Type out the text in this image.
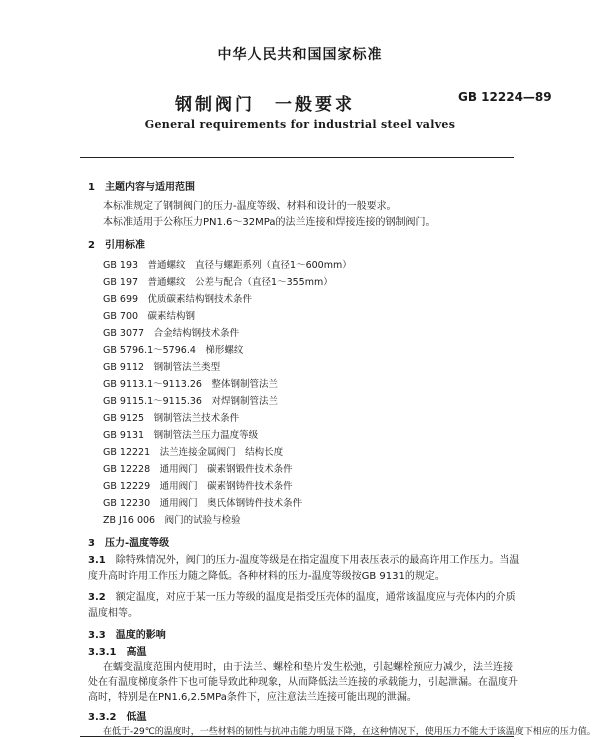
中华人民共和国国家标准
钢制阀门　一般要求	GB 12224—89
General requirements for industrial steel valves
1　主题内容与适用范围
本标准规定了钢制阀门的压力-温度等级、材料和设计的一般要求。
本标准适用于公称压力PN1.6～32MPa的法兰连接和焊接连接的钢制阀门。
2　引用标准
GB 193　 普通螺纹　直径与螺距系列（直径1～600mm）
GB 197　 普通螺纹　公差与配合（直径1～355mm）
GB 699　 优质碳素结构钢技术条件
GB 700　 碳素结构钢
GB 3077　 合金结构钢技术条件
GB 5796.1～5796.4　 梯形螺纹
GB 9112　 钢制管法兰类型
GB 9113.1～9113.26　 整体钢制管法兰
GB 9115.1～9115.36　 对焊钢制管法兰
GB 9125　 钢制管法兰技术条件
GB 9131　 钢制管法兰压力温度等级
GB 12221　 法兰连接金属阀门　结构长度
GB 12228　 通用阀门　碳素钢锻件技术条件
GB 12229　 通用阀门　碳素钢铸件技术条件
GB 12230　 通用阀门　奥氏体钢铸件技术条件
ZB J16 006　 阀门的试验与检验
3　压力-温度等级
3.1　 除特殊情况外，阀门的压力-温度等级是在指定温度下用表压表示的最高许用工作压力。当温度升高时许用工作压力随之降低。各种材料的压力-温度等级按GB 9131的规定。
3.2　 额定温度，对应于某一压力等级的温度是指受压壳体的温度，通常该温度应与壳体内的介质温度相等。
3.3　温度的影响
3.3.1　高温
在蠕变温度范围内使用时，由于法兰、螺栓和垫片发生松弛，引起螺栓预应力减少，法兰连接处在有温度梯度条件下也可能导致此种现象，从而降低法兰连接的承载能力，引起泄漏。在温度升高时，特别是在PN1.6,2.5MPa条件下，应注意法兰连接可能出现的泄漏。
3.3.2　低温
在低于-29℃的温度时，一些材料的韧性与抗冲击能力明显下降，在这种情况下，使用压力不能大于该温度下相应的压力值。
